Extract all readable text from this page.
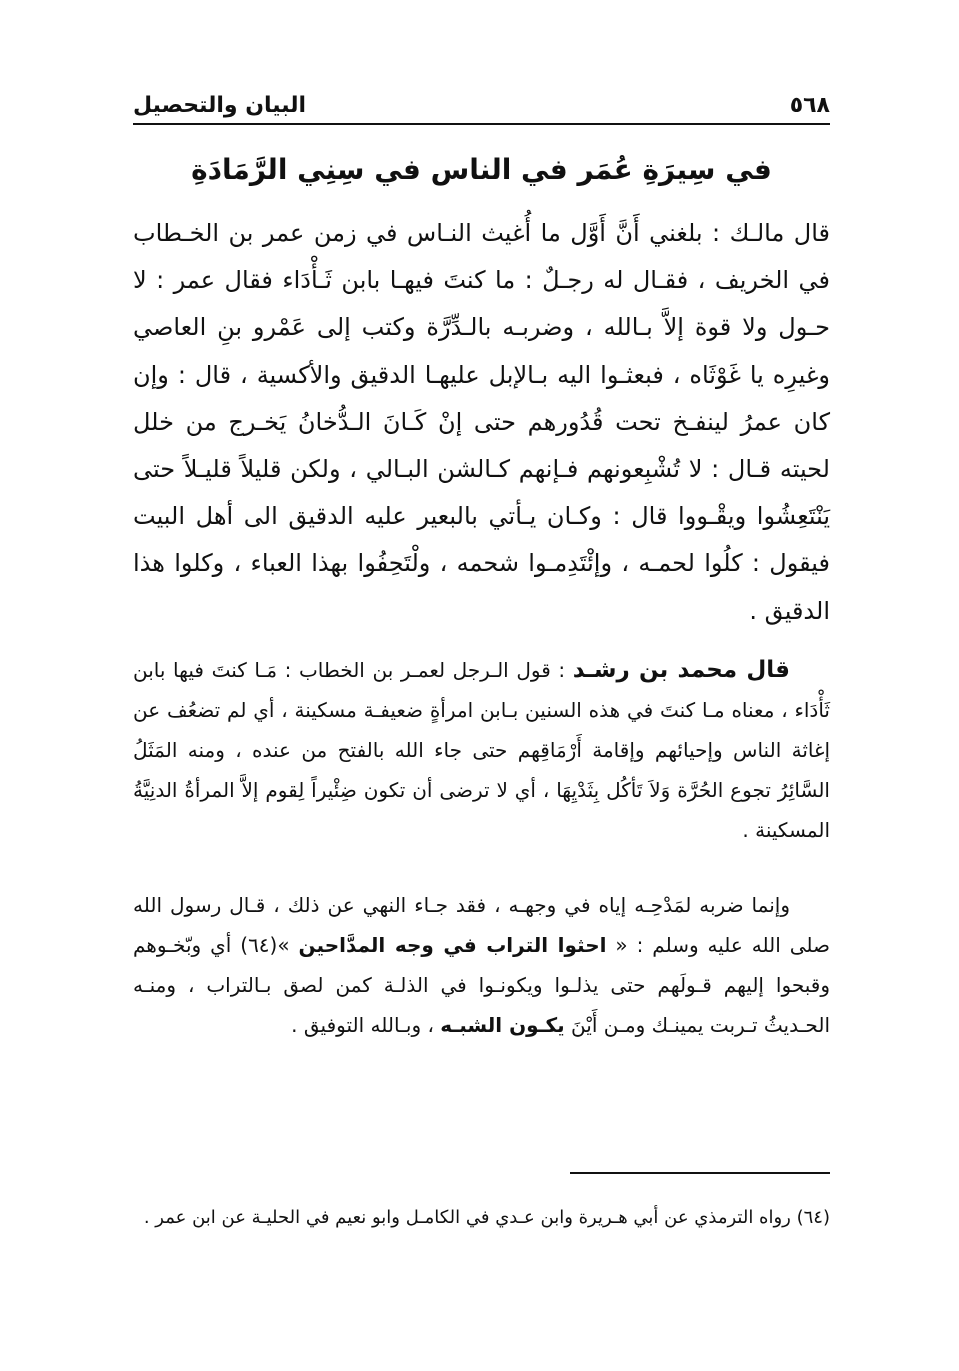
٥٦٨
البيان والتحصيل
في سِيرَةِ عُمَر في الناس في سِنِي الرَّمَادَةِ

قال مالـك : بلغني أَنَّ أَوَّل ما أُغيث النـاس في زمن عمر بن الخـطاب في الخريف ، فقـال له رجـلٌ : ما كنتَ فيهـا بابن ثَـأْدَاء فقال عمر : لا حـول ولا قوة إلاَّ بـالله ، وضربـه بالـدِّرَّة وكتب إلى عَمْرو بنِ العاصي وغيرِه يا غَوْثَاه ، فبعثـوا اليه بـالإبل عليهـا الدقيق والأكسية ، قال : وإن كان عمرُ لينفـخ تحت قُدُورهم حتى إنْ كَـانَ الـدُّخانُ يَخـرج من خلل لحيته قـال : لا تُشْبِعونهم فـإنهم كـالشن البـالي ، ولكن قليلاً قليـلاً حتى يَنْتَعِشُوا ويقْـووا قال : وكـان يـأتي بالبعير عليه الدقيق الى أهل البيت فيقول : كلُوا لحمـه ، وإئْتَدِمـوا شحمه ، ولْتَحِفُوا بهذا العباء ، وكلوا هذا الدقيق .

قال محمد بن رشـد : قول الـرجل لعمـر بن الخطاب : مَـا كنتَ فيها بابن ثَأْدَاء ، معناه مـا كنتَ في هذه السنين بـابن امرأةٍ ضعيفـة مسكينة ، أي لم تضعُف عن إغاثة الناس وإحيائهم وإقامة أَرْمَاقِهم حتى جاء الله بالفتح من عنده ، ومنه المَثَلُ السَّائِرُ تجوع الحُرَّة وَلاَ تَأكُل بِثَدْيِهَا ، أي لا ترضى أن تكون ضِئْيراً لِقوم إلاَّ المرأةُ الدنِيَّةُ المسكينة .

وإنما ضربه لمَدْحِـه إياه في وجهـه ، فقد جـاء النهي عن ذلك ، قـال رسول الله صلى الله عليه وسلم : « احثوا التراب في وجه المدَّاحين »(٦٤) أي وبّخـوهم وقبحوا إليهم قـولَهم حتى يذلـوا ويكونـوا في الذلـة كمن لصق بـالتراب ، ومنـه الحـديثُ تـربت يمينـك ومـن أَيْنَ يكـون الشبـه ، وبـالله التوفيق .

(٦٤) رواه الترمذي عن أبي هـريرة وابن عـدي في الكامـل وابو نعيم في الحليـة عن ابن عمر .
